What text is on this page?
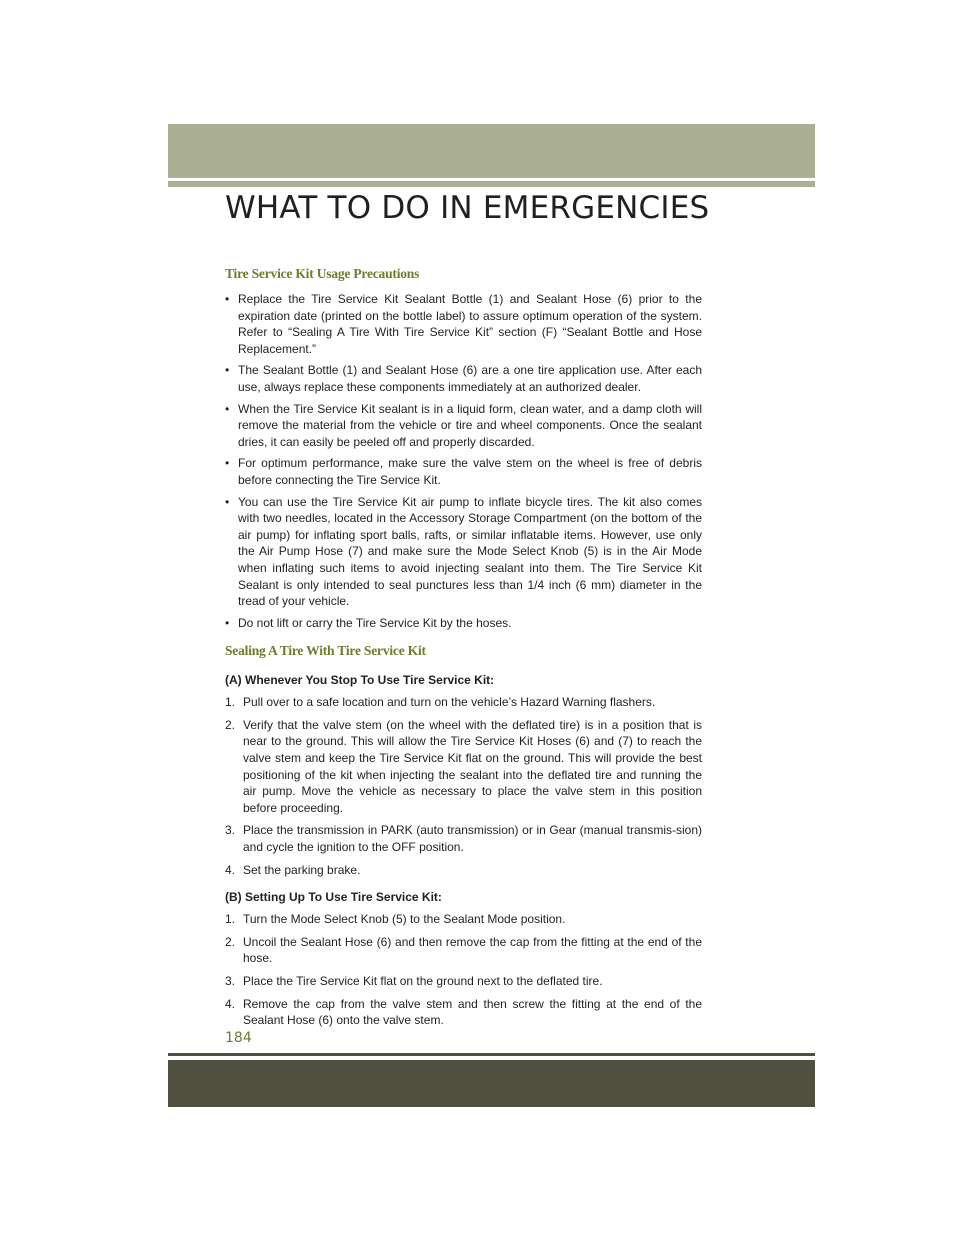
WHAT TO DO IN EMERGENCIES
Tire Service Kit Usage Precautions
• Replace the Tire Service Kit Sealant Bottle (1) and Sealant Hose (6) prior to the expiration date (printed on the bottle label) to assure optimum operation of the system. Refer to “Sealing A Tire With Tire Service Kit” section (F) “Sealant Bottle and Hose Replacement.”
• The Sealant Bottle (1) and Sealant Hose (6) are a one tire application use. After each use, always replace these components immediately at an authorized dealer.
• When the Tire Service Kit sealant is in a liquid form, clean water, and a damp cloth will remove the material from the vehicle or tire and wheel components. Once the sealant dries, it can easily be peeled off and properly discarded.
• For optimum performance, make sure the valve stem on the wheel is free of debris before connecting the Tire Service Kit.
• You can use the Tire Service Kit air pump to inflate bicycle tires. The kit also comes with two needles, located in the Accessory Storage Compartment (on the bottom of the air pump) for inflating sport balls, rafts, or similar inflatable items. However, use only the Air Pump Hose (7) and make sure the Mode Select Knob (5) is in the Air Mode when inflating such items to avoid injecting sealant into them. The Tire Service Kit Sealant is only intended to seal punctures less than 1/4 inch (6 mm) diameter in the tread of your vehicle.
• Do not lift or carry the Tire Service Kit by the hoses.
Sealing A Tire With Tire Service Kit
(A) Whenever You Stop To Use Tire Service Kit:
1. Pull over to a safe location and turn on the vehicle’s Hazard Warning flashers.
2. Verify that the valve stem (on the wheel with the deflated tire) is in a position that is near to the ground. This will allow the Tire Service Kit Hoses (6) and (7) to reach the valve stem and keep the Tire Service Kit flat on the ground. This will provide the best positioning of the kit when injecting the sealant into the deflated tire and running the air pump. Move the vehicle as necessary to place the valve stem in this position before proceeding.
3. Place the transmission in PARK (auto transmission) or in Gear (manual transmis-sion) and cycle the ignition to the OFF position.
4. Set the parking brake.
(B) Setting Up To Use Tire Service Kit:
1. Turn the Mode Select Knob (5) to the Sealant Mode position.
2. Uncoil the Sealant Hose (6) and then remove the cap from the fitting at the end of the hose.
3. Place the Tire Service Kit flat on the ground next to the deflated tire.
4. Remove the cap from the valve stem and then screw the fitting at the end of the Sealant Hose (6) onto the valve stem.
184
